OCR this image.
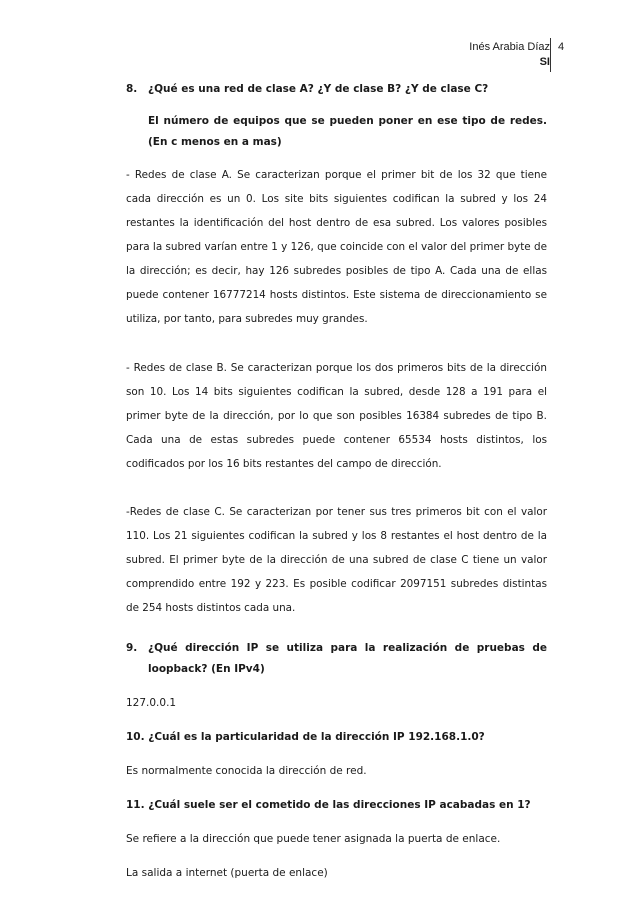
Inés Arabia Díaz
SI
4
8.	¿Qué es una red de clase A? ¿Y de clase B? ¿Y de clase C?
El número de equipos que se pueden poner en ese tipo de redes. (En c menos en a mas)

- Redes de clase A. Se caracterizan porque el primer bit de los 32 que tiene cada dirección es un 0. Los site bits siguientes codifican la subred y los 24 restantes la identificación del host dentro de esa subred. Los valores posibles para la subred varían entre 1 y 126, que coincide con el valor del primer byte de la dirección; es decir, hay 126 subredes posibles de tipo A. Cada una de ellas puede contener 16777214 hosts distintos. Este sistema de direccionamiento se utiliza, por tanto, para subredes muy grandes.

- Redes de clase B. Se caracterizan porque los dos primeros bits de la dirección son 10. Los 14 bits siguientes codifican la subred, desde 128 a 191 para el primer byte de la dirección, por lo que son posibles 16384 subredes de tipo B. Cada una de estas subredes puede contener 65534 hosts distintos, los codificados por los 16 bits restantes del campo de dirección.

-Redes de clase C. Se caracterizan por tener sus tres primeros bit con el valor 110. Los 21 siguientes codifican la subred y los 8 restantes el host dentro de la subred. El primer byte de la dirección de una subred de clase C tiene un valor comprendido entre 192 y 223. Es posible codificar 2097151 subredes distintas de 254 hosts distintos cada una.

9.	¿Qué dirección IP se utiliza para la realización de pruebas de loopback? (En IPv4)

127.0.0.1

10. ¿Cuál es la particularidad de la dirección IP 192.168.1.0?

Es normalmente conocida la dirección de red.

11. ¿Cuál suele ser el cometido de las direcciones IP acabadas en 1?

Se refiere a la dirección que puede tener asignada la puerta de enlace.

La salida a internet (puerta de enlace)
